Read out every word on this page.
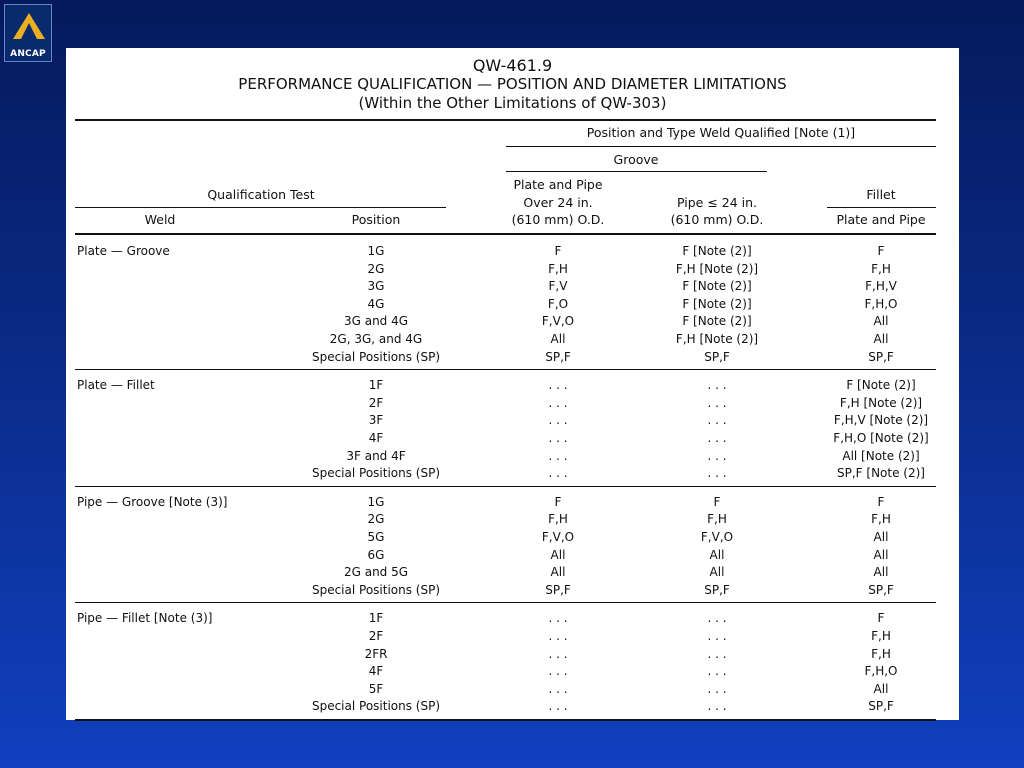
ANCAP
QW-461.9
PERFORMANCE QUALIFICATION — POSITION AND DIAMETER LIMITATIONS
(Within the Other Limitations of QW-303)
Position and Type Weld Qualified [Note (1)]
Groove
Qualification Test
Plate and Pipe
Over 24 in.
(610 mm) O.D.
Pipe ≤ 24 in.
(610 mm) O.D.
Fillet
Weld	Position	Plate and Pipe
Plate — Groove	1G	F	F [Note (2)]	F
2G	F,H	F,H [Note (2)]	F,H
3G	F,V	F [Note (2)]	F,H,V
4G	F,O	F [Note (2)]	F,H,O
3G and 4G	F,V,O	F [Note (2)]	All
2G, 3G, and 4G	All	F,H [Note (2)]	All
Special Positions (SP)	SP,F	SP,F	SP,F
Plate — Fillet	1F	. . .	. . .	F [Note (2)]
2F	. . .	. . .	F,H [Note (2)]
3F	. . .	. . .	F,H,V [Note (2)]
4F	. . .	. . .	F,H,O [Note (2)]
3F and 4F	. . .	. . .	All [Note (2)]
Special Positions (SP)	. . .	. . .	SP,F [Note (2)]
Pipe — Groove [Note (3)]	1G	F	F	F
2G	F,H	F,H	F,H
5G	F,V,O	F,V,O	All
6G	All	All	All
2G and 5G	All	All	All
Special Positions (SP)	SP,F	SP,F	SP,F
Pipe — Fillet [Note (3)]	1F	. . .	. . .	F
2F	. . .	. . .	F,H
2FR	. . .	. . .	F,H
4F	. . .	. . .	F,H,O
5F	. . .	. . .	All
Special Positions (SP)	. . .	. . .	SP,F
